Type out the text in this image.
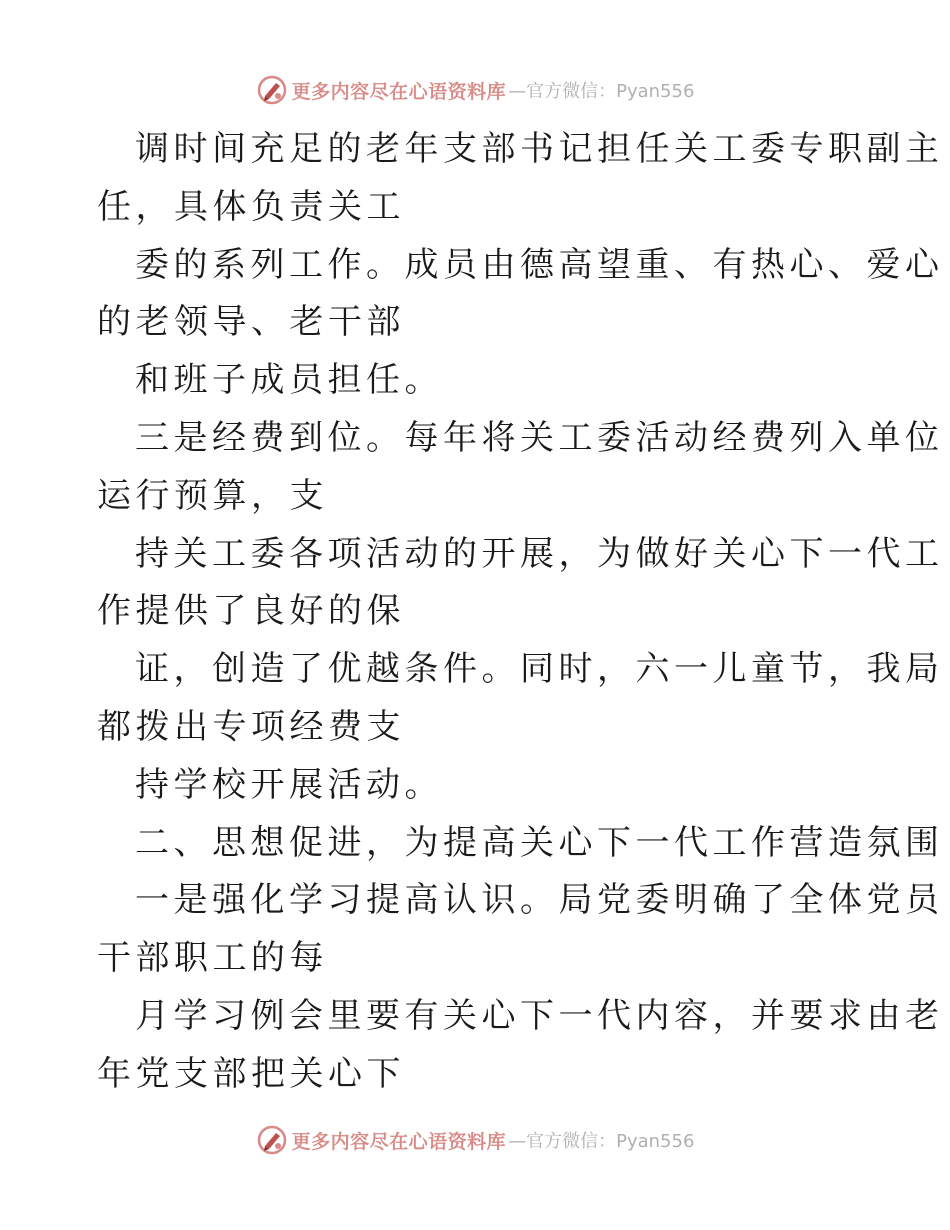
更多内容尽在心语资料库 —官方微信：Pyan556
调时间充足的老年支部书记担任关工委专职副主
任，具体负责关工
委的系列工作。成员由德高望重、有热心、爱心
的老领导、老干部
和班子成员担任。
三是经费到位。每年将关工委活动经费列入单位
运行预算，支
持关工委各项活动的开展，为做好关心下一代工
作提供了良好的保
证，创造了优越条件。同时，六一儿童节，我局
都拨出专项经费支
持学校开展活动。
二、思想促进，为提高关心下一代工作营造氛围
一是强化学习提高认识。局党委明确了全体党员
干部职工的每
月学习例会里要有关心下一代内容，并要求由老
年党支部把关心下
更多内容尽在心语资料库 —官方微信：Pyan556
